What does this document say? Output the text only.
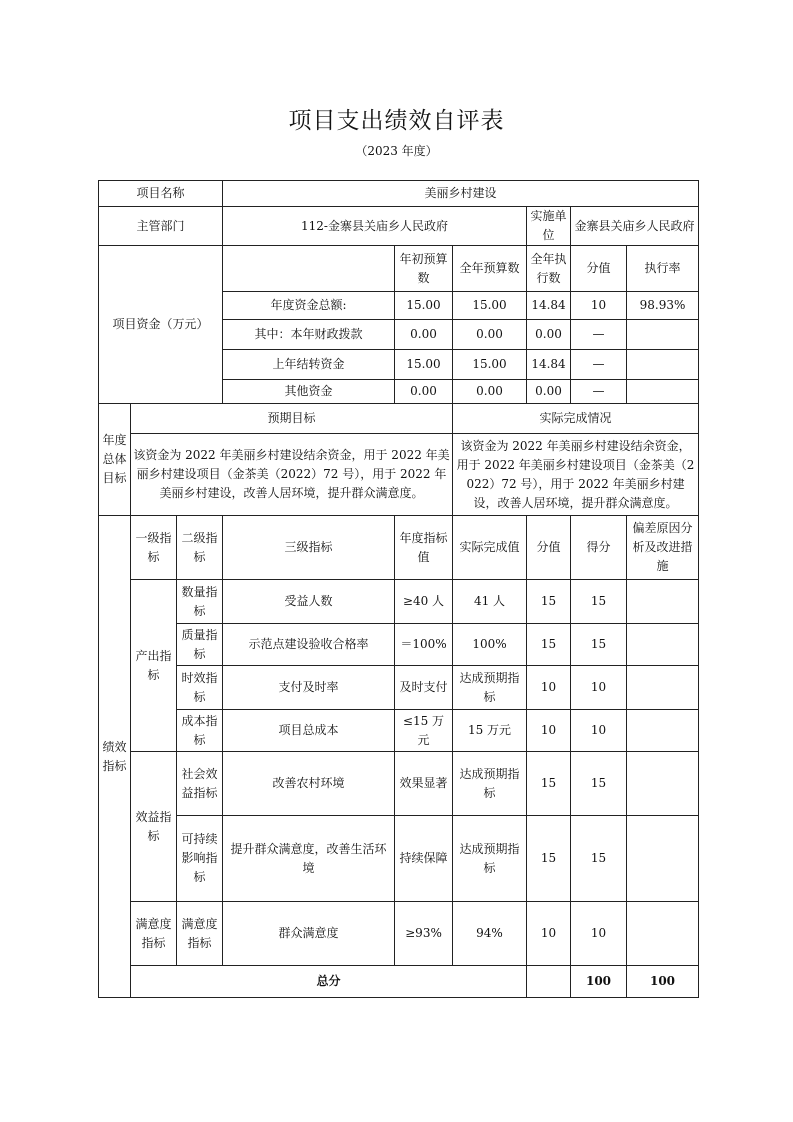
项目支出绩效自评表
（2023 年度）
项目名称			美丽乡村建设						
主管部门			112-金寨县关庙乡人民政府			实施单位	金寨县关庙乡人民政府		
项目资金（万元）				年初预算数	全年预算数	全年执行数	分值	执行率	
			年度资金总额:	15.00	15.00	14.84	10	98.93%	
			其中：本年财政拨款	0.00	0.00	0.00	—		
			上年结转资金	15.00	15.00	14.84	—		
			其他资金	0.00	0.00	0.00	—		
年度总体目标	预期目标				实际完成情况				
	该资金为 2022 年美丽乡村建设结余资金，用于 2022 年美丽乡村建设项目（金茶美（2022）72 号），用于 2022 年美丽乡村建设，改善人居环境，提升群众满意度。				该资金为 2022 年美丽乡村建设结余资金，用于 2022 年美丽乡村建设项目（金茶美（2022）72 号），用于 2022 年美丽乡村建设，改善人居环境，提升群众满意度。				
绩效指标	一级指标	二级指标	三级指标	年度指标值	实际完成值	分值	得分	偏差原因分析及改进措施	
	产出指标	数量指标	受益人数	≥40 人	41 人	15	15		
		质量指标	示范点建设验收合格率	＝100%	100%	15	15		
		时效指标	支付及时率	及时支付	达成预期指标	10	10		
		成本指标	项目总成本	≤15 万元	15 万元	10	10		
	效益指标	社会效益指标	改善农村环境	效果显著	达成预期指标	15	15		
		可持续影响指标	提升群众满意度，改善生活环境	持续保障	达成预期指标	15	15		
	满意度指标	满意度指标	群众满意度	≥93%	94%	10	10		
	总分						100	100	
